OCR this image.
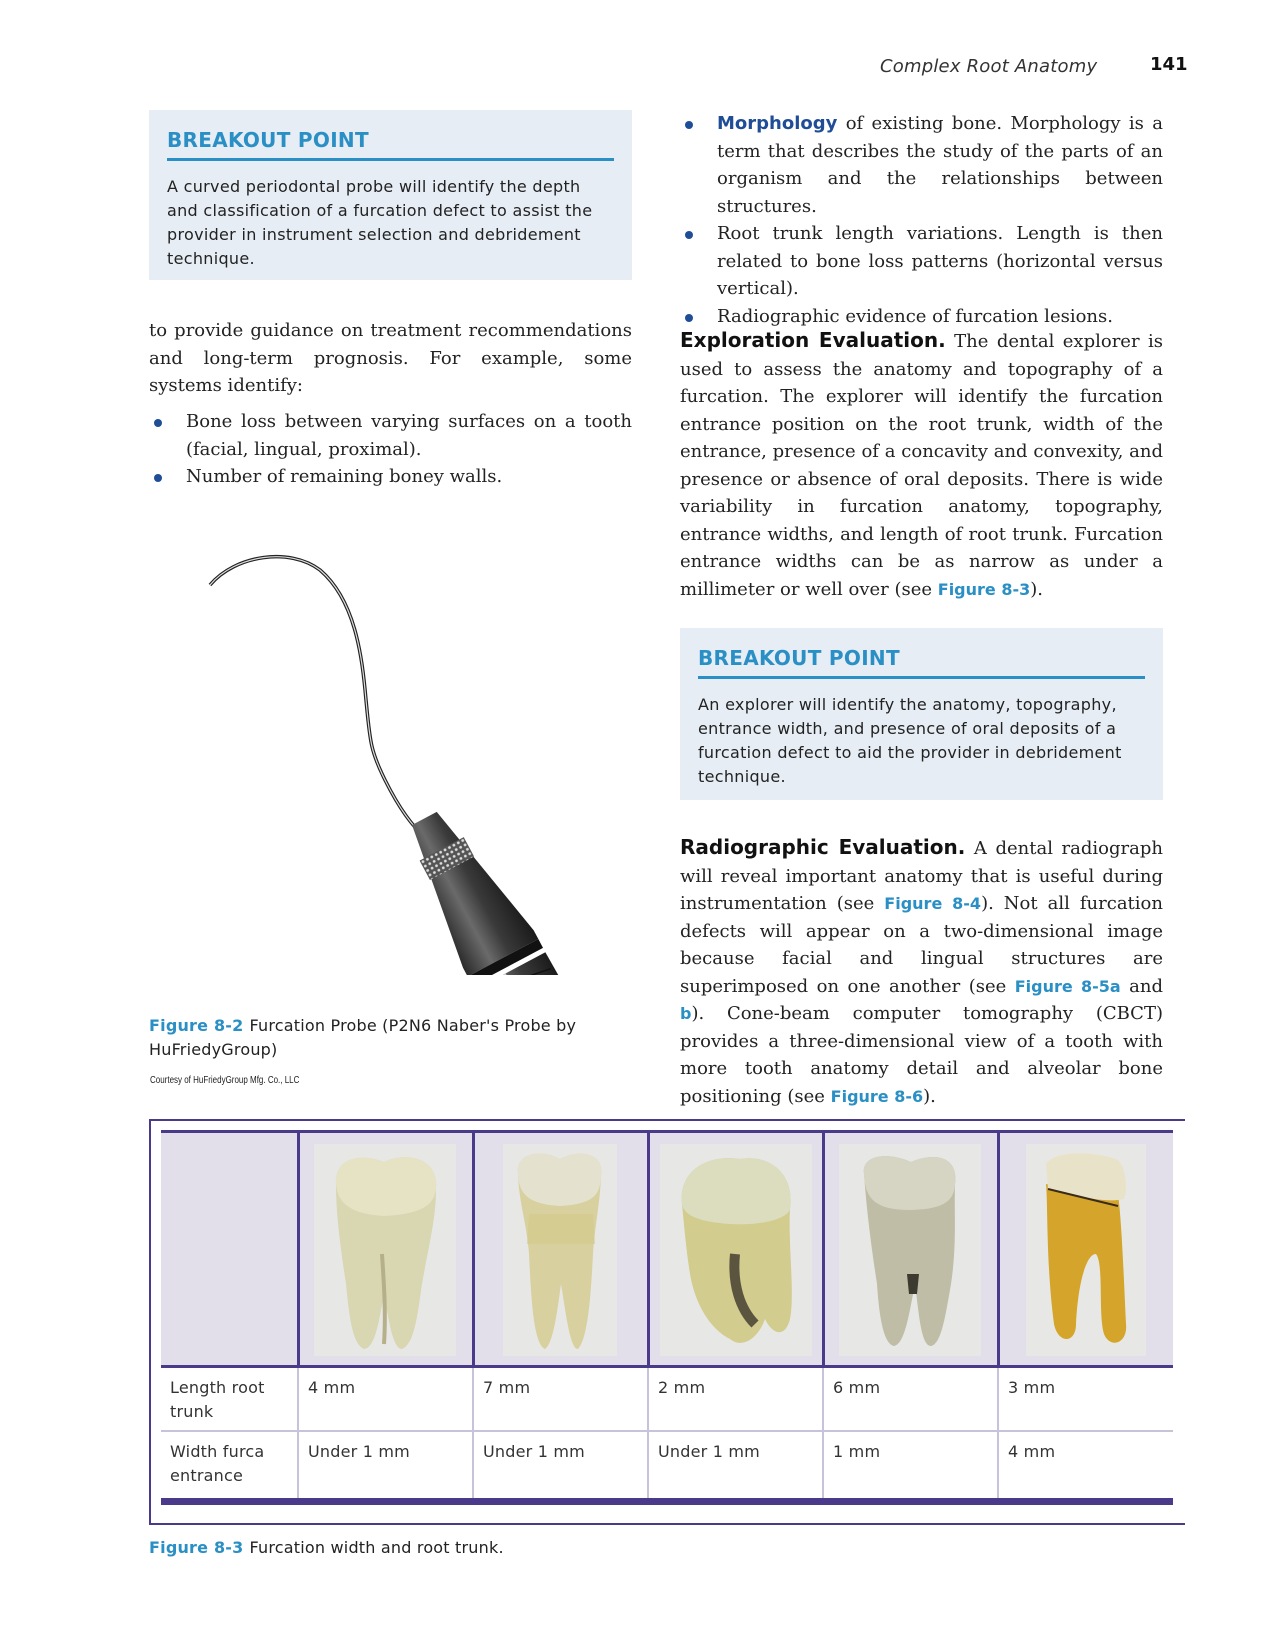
Complex Root Anatomy	141
BREAKOUT POINT
A curved periodontal probe will identify the depth and classification of a furcation defect to assist the provider in instrument selection and debridement technique.
to provide guidance on treatment recommendations and long-term prognosis. For example, some systems identify:
Bone loss between varying surfaces on a tooth (facial, lingual, proximal).
Number of remaining boney walls.
Figure 8-2 Furcation Probe (P2N6 Naber's Probe by HuFriedyGroup)
Courtesy of HuFriedyGroup Mfg. Co., LLC
Morphology of existing bone. Morphology is a term that describes the study of the parts of an organism and the relationships between structures.
Root trunk length variations. Length is then related to bone loss patterns (horizontal versus vertical).
Radiographic evidence of furcation lesions.
Exploration Evaluation. The dental explorer is used to assess the anatomy and topography of a furcation. The explorer will identify the furcation entrance position on the root trunk, width of the entrance, presence of a concavity and convexity, and presence or absence of oral deposits. There is wide variability in furcation anatomy, topography, entrance widths, and length of root trunk. Furcation entrance widths can be as narrow as under a millimeter or well over (see Figure 8-3).
BREAKOUT POINT
An explorer will identify the anatomy, topography, entrance width, and presence of oral deposits of a furcation defect to aid the provider in debridement technique.
Radiographic Evaluation. A dental radiograph will reveal important anatomy that is useful during instrumentation (see Figure 8-4). Not all furcation defects will appear on a two-dimensional image because facial and lingual structures are superimposed on one another (see Figure 8-5a and b). Cone-beam computer tomography (CBCT) provides a three-dimensional view of a tooth with more tooth anatomy detail and alveolar bone positioning (see Figure 8-6).

Length root trunk	4 mm	7 mm	2 mm	6 mm	3 mm
Width furca entrance	Under 1 mm	Under 1 mm	Under 1 mm	1 mm	4 mm
Figure 8-3 Furcation width and root trunk.
